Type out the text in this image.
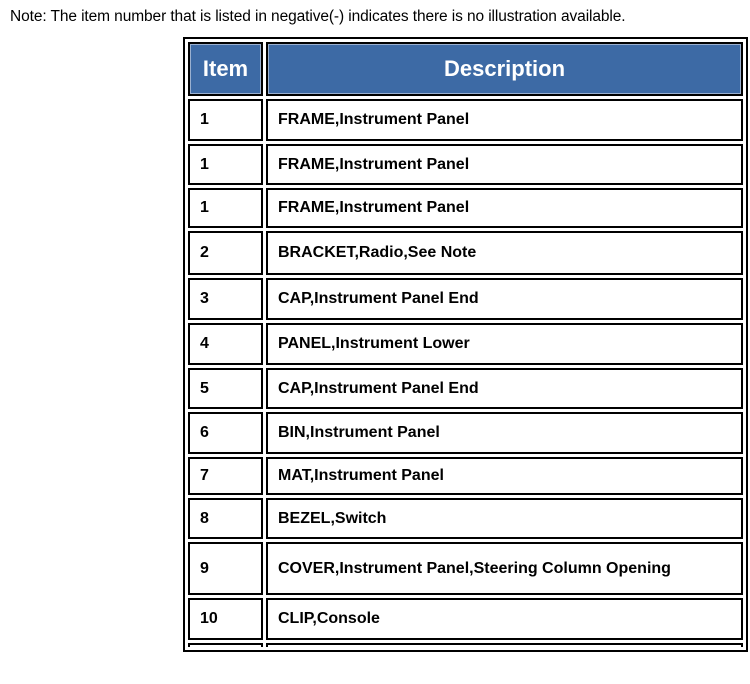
Note: The item number that is listed in negative(-) indicates there is no illustration available.
Item	Description
1	FRAME,Instrument Panel
1	FRAME,Instrument Panel
1	FRAME,Instrument Panel
2	BRACKET,Radio,See Note
3	CAP,Instrument Panel End
4	PANEL,Instrument Lower
5	CAP,Instrument Panel End
6	BIN,Instrument Panel
7	MAT,Instrument Panel
8	BEZEL,Switch
9	COVER,Instrument Panel,Steering Column Opening
10	CLIP,Console
